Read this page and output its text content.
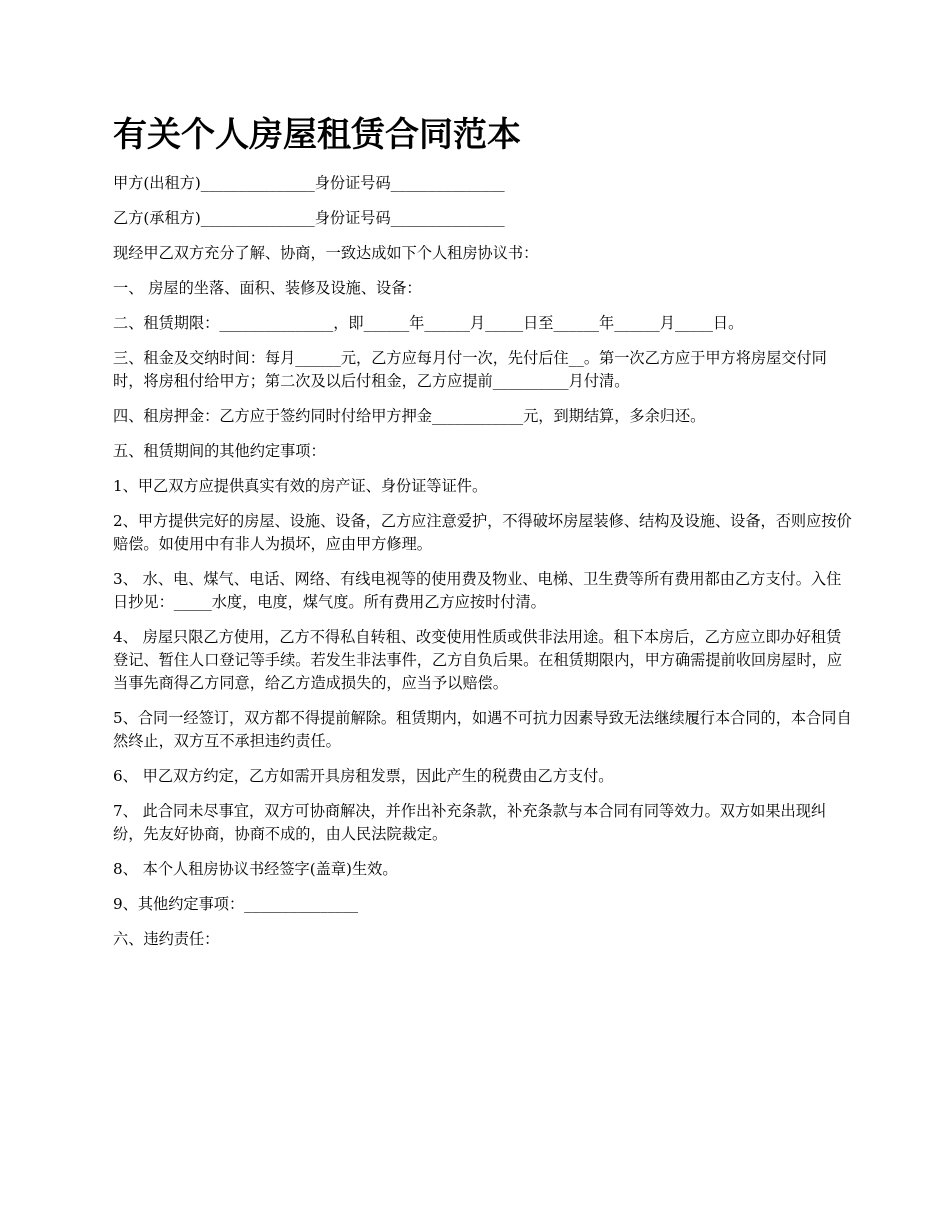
有关个人房屋租赁合同范本

甲方(出租方)_______________身份证号码_______________

乙方(承租方)_______________身份证号码_______________

现经甲乙双方充分了解、协商，一致达成如下个人租房协议书：

一、 房屋的坐落、面积、装修及设施、设备：

二、租赁期限：_______________，即______年______月_____日至______年______月_____日。

三、租金及交纳时间：每月______元，乙方应每月付一次，先付后住__。第一次乙方应于甲方将房屋交付同时，将房租付给甲方；第二次及以后付租金，乙方应提前__________月付清。

四、租房押金：乙方应于签约同时付给甲方押金____________元，到期结算，多余归还。

五、租赁期间的其他约定事项：

1、甲乙双方应提供真实有效的房产证、身份证等证件。

2、甲方提供完好的房屋、设施、设备，乙方应注意爱护，不得破坏房屋装修、结构及设施、设备，否则应按价赔偿。如使用中有非人为损坏，应由甲方修理。

3、 水、电、煤气、电话、网络、有线电视等的使用费及物业、电梯、卫生费等所有费用都由乙方支付。入住日抄见：_____水度，电度，煤气度。所有费用乙方应按时付清。

4、 房屋只限乙方使用，乙方不得私自转租、改变使用性质或供非法用途。租下本房后，乙方应立即办好租赁登记、暂住人口登记等手续。若发生非法事件，乙方自负后果。在租赁期限内，甲方确需提前收回房屋时，应当事先商得乙方同意，给乙方造成损失的，应当予以赔偿。

5、合同一经签订，双方都不得提前解除。租赁期内，如遇不可抗力因素导致无法继续履行本合同的，本合同自然终止，双方互不承担违约责任。

6、 甲乙双方约定，乙方如需开具房租发票，因此产生的税费由乙方支付。

7、 此合同未尽事宜，双方可协商解决，并作出补充条款，补充条款与本合同有同等效力。双方如果出现纠纷，先友好协商，协商不成的，由人民法院裁定。

8、 本个人租房协议书经签字(盖章)生效。

9、其他约定事项：_______________

六、违约责任：
